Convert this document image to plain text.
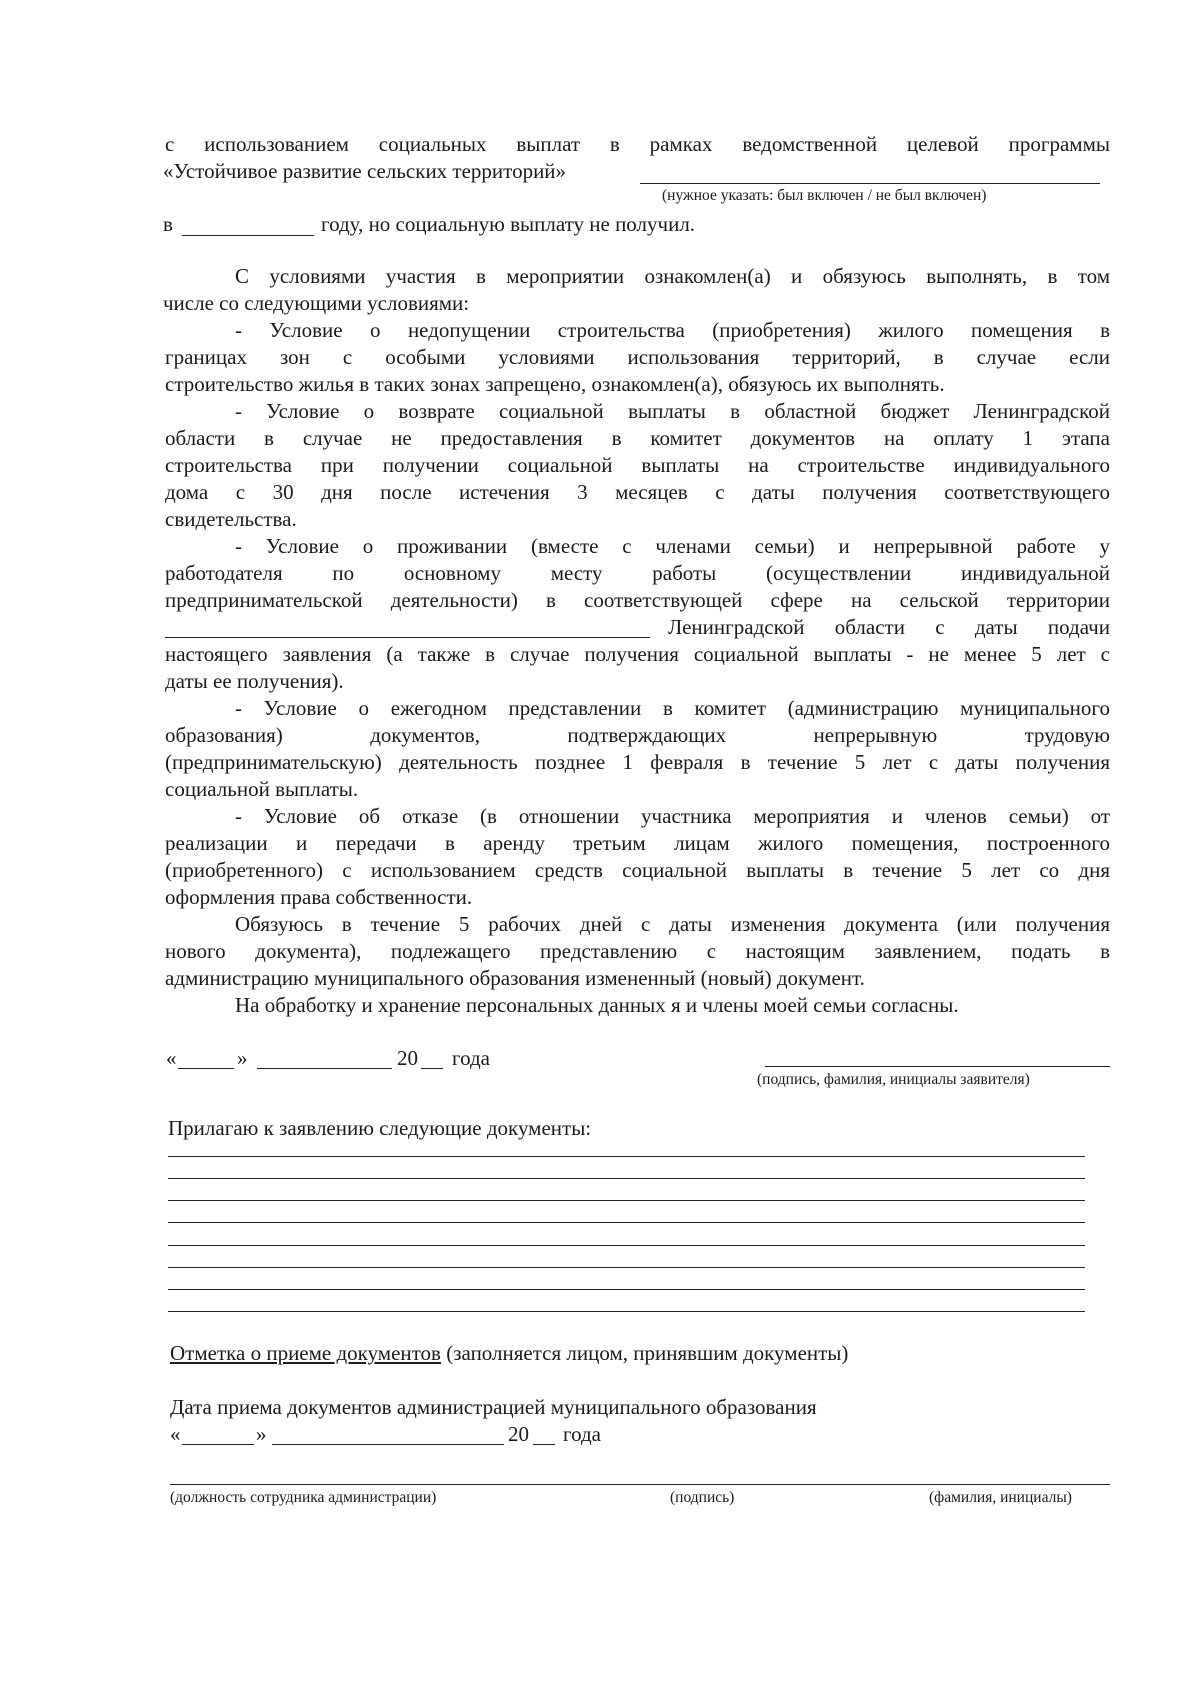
с использованием социальных выплат в рамках ведомственной целевой программы
«Устойчивое развитие сельских территорий»
(нужное указать: был включен / не был включен)
в	году, но социальную выплату не получил.
С условиями участия в мероприятии ознакомлен(а) и обязуюсь выполнять, в том
числе со следующими условиями:
- Условие о недопущении строительства (приобретения) жилого помещения в
границах зон с особыми условиями использования территорий, в случае если
строительство жилья в таких зонах запрещено, ознакомлен(а), обязуюсь их выполнять.
- Условие о возврате социальной выплаты в областной бюджет Ленинградской
области в случае не предоставления в комитет документов на оплату 1 этапа
строительства при получении социальной выплаты на строительстве индивидуального
дома с 30 дня после истечения 3 месяцев с даты получения соответствующего
свидетельства.
- Условие о проживании (вместе с членами семьи) и непрерывной работе у
работодателя по основному месту работы (осуществлении индивидуальной
предпринимательской деятельности) в соответствующей сфере на сельской территории
Ленинградской области с даты подачи
настоящего заявления (а также в случае получения социальной выплаты - не менее 5 лет с
даты ее получения).
- Условие о ежегодном представлении в комитет (администрацию муниципального
образования) документов, подтверждающих непрерывную трудовую
(предпринимательскую) деятельность позднее 1 февраля в течение 5 лет с даты получения
социальной выплаты.
- Условие об отказе (в отношении участника мероприятия и членов семьи) от
реализации и передачи в аренду третьим лицам жилого помещения, построенного
(приобретенного) с использованием средств социальной выплаты в течение 5 лет со дня
оформления права собственности.
Обязуюсь в течение 5 рабочих дней с даты изменения документа (или получения
нового документа), подлежащего представлению с настоящим заявлением, подать в
администрацию муниципального образования измененный (новый) документ.
На обработку и хранение персональных данных я и члены моей семьи согласны.
«	»	20 года
(подпись, фамилия, инициалы заявителя)
Прилагаю к заявлению следующие документы:
Отметка о приеме документов (заполняется лицом, принявшим документы)
Дата приема документов администрацией муниципального образования
«	»	20 года
(должность сотрудника администрации)	(подпись)	(фамилия, инициалы)
